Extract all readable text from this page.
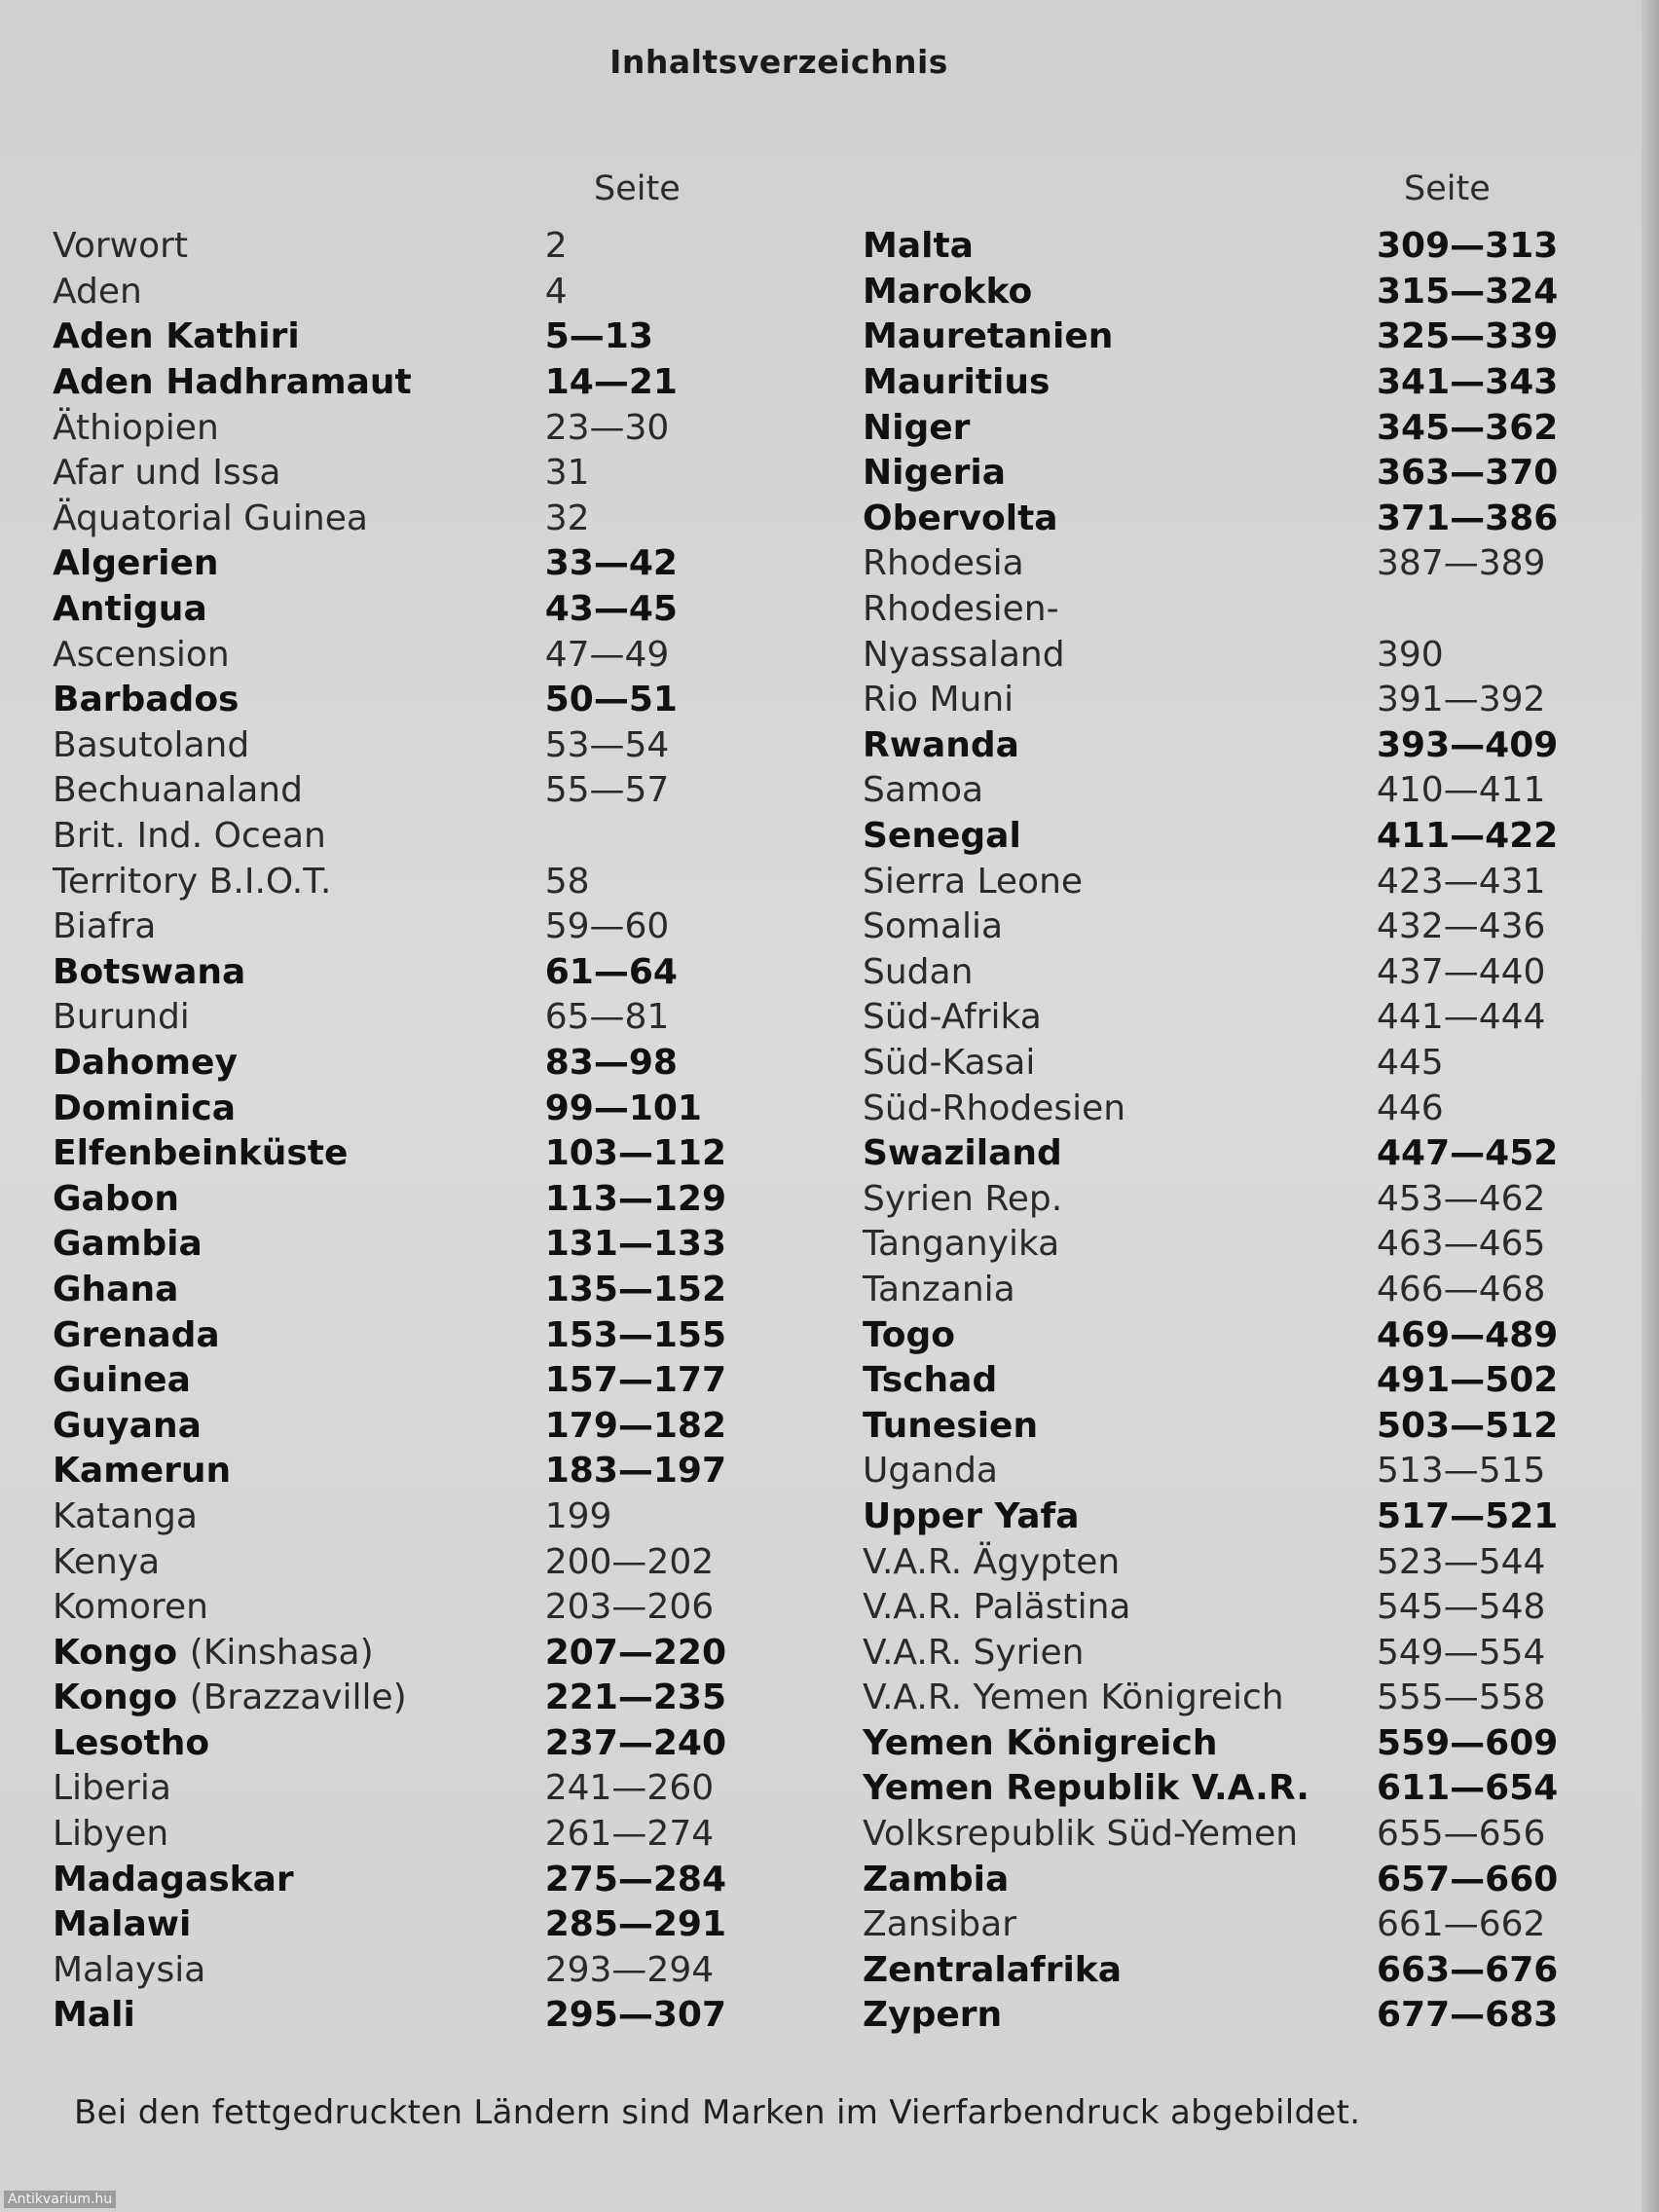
Inhaltsverzeichnis
Seite	Seite
Vorwort	2
Aden	4
Aden Kathiri	5—13
Aden Hadhramaut	14—21
Äthiopien	23—30
Afar und Issa	31
Äquatorial Guinea	32
Algerien	33—42
Antigua	43—45
Ascension	47—49
Barbados	50—51
Basutoland	53—54
Bechuanaland	55—57
Brit. Ind. Ocean
Territory B.I.O.T.	58
Biafra	59—60
Botswana	61—64
Burundi	65—81
Dahomey	83—98
Dominica	99—101
Elfenbeinküste	103—112
Gabon	113—129
Gambia	131—133
Ghana	135—152
Grenada	153—155
Guinea	157—177
Guyana	179—182
Kamerun	183—197
Katanga	199
Kenya	200—202
Komoren	203—206
Kongo (Kinshasa)	207—220
Kongo (Brazzaville)	221—235
Lesotho	237—240
Liberia	241—260
Libyen	261—274
Madagaskar	275—284
Malawi	285—291
Malaysia	293—294
Mali	295—307
Malta	309—313
Marokko	315—324
Mauretanien	325—339
Mauritius	341—343
Niger	345—362
Nigeria	363—370
Obervolta	371—386
Rhodesia	387—389
Rhodesien-
Nyassaland	390
Rio Muni	391—392
Rwanda	393—409
Samoa	410—411
Senegal	411—422
Sierra Leone	423—431
Somalia	432—436
Sudan	437—440
Süd-Afrika	441—444
Süd-Kasai	445
Süd-Rhodesien	446
Swaziland	447—452
Syrien Rep.	453—462
Tanganyika	463—465
Tanzania	466—468
Togo	469—489
Tschad	491—502
Tunesien	503—512
Uganda	513—515
Upper Yafa	517—521
V.A.R. Ägypten	523—544
V.A.R. Palästina	545—548
V.A.R. Syrien	549—554
V.A.R. Yemen Königreich	555—558
Yemen Königreich	559—609
Yemen Republik V.A.R.	611—654
Volksrepublik Süd-Yemen	655—656
Zambia	657—660
Zansibar	661—662
Zentralafrika	663—676
Zypern	677—683
Bei den fettgedruckten Ländern sind Marken im Vierfarbendruck abgebildet.
Antikvarium.hu
